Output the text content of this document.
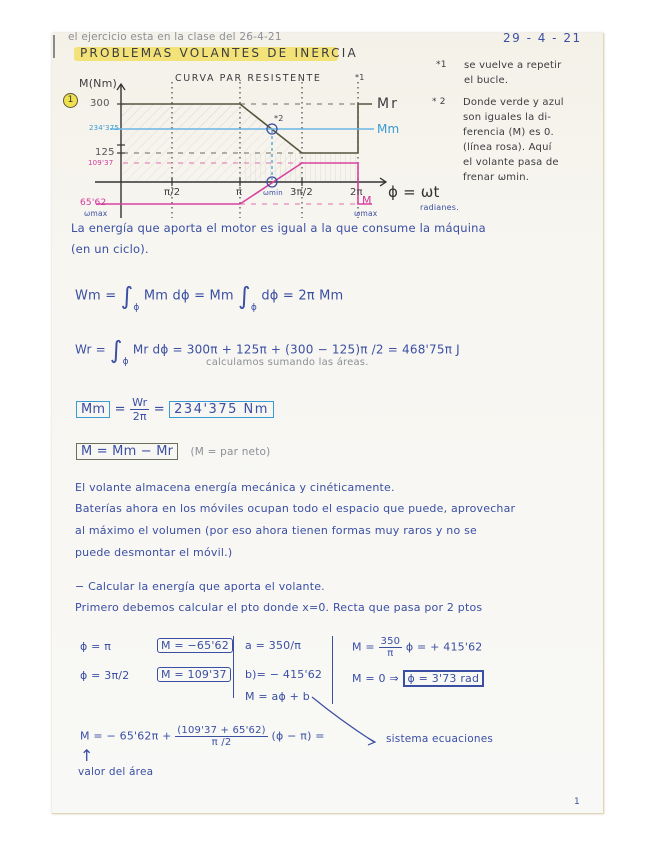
el ejercicio esta en la clase del 26-4-21	29 - 4 - 21
PROBLEMAS VOLANTES DE INERCIA
1
CURVA PAR RESISTENTE
M(Nm)
300
234'375
125
109'37
65'62
ωmax
π/2	π	ωmin 3π/2	2π ϕ = ωt
radianes.
ωmax
*1
*2
Mr
Mm
M
*1 se vuelve a repetir
el bucle.
* 2 Donde verde y azul
son iguales la di-
ferencia (M) es 0.
(línea rosa). Aquí
el volante pasa de
frenar ωmin.
La energía que aporta el motor es igual a la que consume la máquina
(en un ciclo).
$Wm = \int_\phi$ Mm dϕ = Mm $\int_\phi$ dϕ = 2π Mm
$Wr = \int_\phi$ Mr dϕ = 300π + 125π + (300 − 125)π /2 = 468'75π J
calculamos sumando las áreas.
$Mm = \frac{Wr}{2\pi} = 234'375$ Nm
M = Mm − Mr (M = par neto)
El volante almacena energía mecánica y cinéticamente.
Baterías ahora en los móviles ocupan todo el espacio que puede, aprovechar
al máximo el volumen (por eso ahora tienen formas muy raros y no se
puede desmontar el móvil.)
− Calcular la energía que aporta el volante.
Primero debemos calcular el pto donde x=0. Recta que pasa por 2 ptos
ϕ = π	M = −65'62
ϕ = 3π/2	M = 109'37
a = 350/π
b)= − 415'62
M = aϕ + b
$M = \frac{350}{\pi}$ ϕ = + 415'62
M = 0 ⇒ ϕ = 3'73 rad
M = − $65'62\pi + \frac{(109'37 + 65'62)}{\pi /2} (\phi - \pi)$ =
↑
valor del área
sistema ecuaciones
1
